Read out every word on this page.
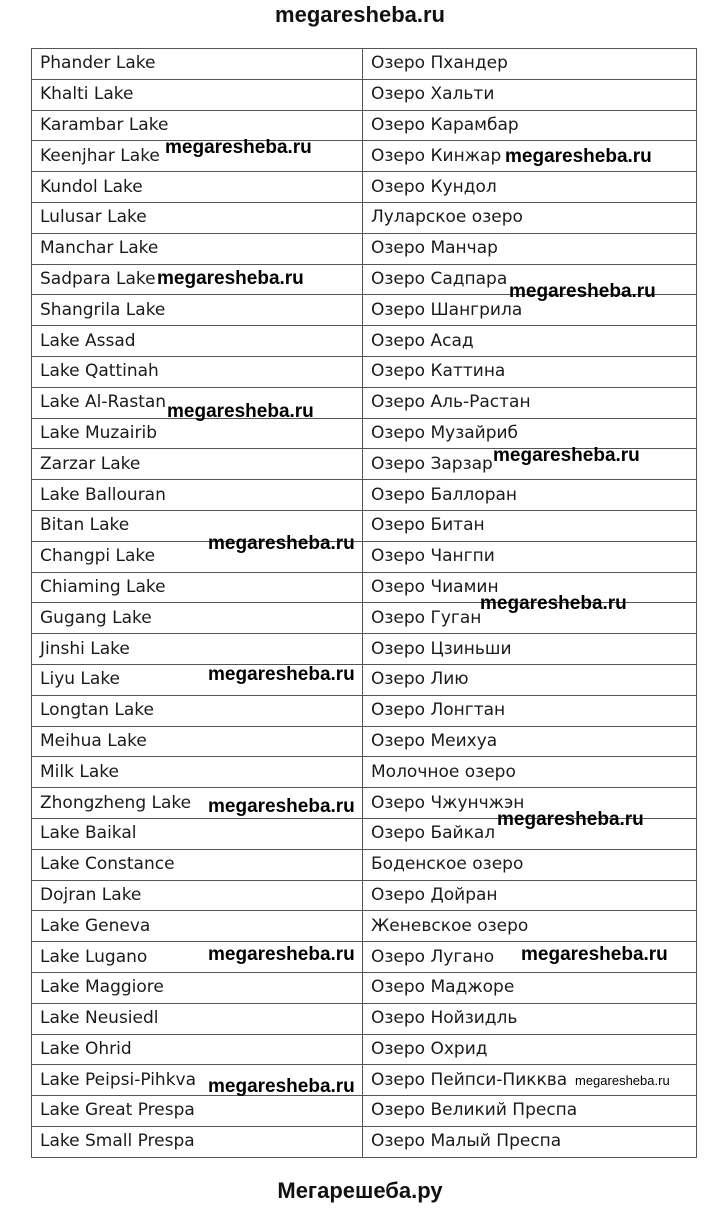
megaresheba.ru
Phander Lake	Озеро Пхандер
Khalti Lake	Озеро Хальти
Karambar Lake	Озеро Карамбар
Keenjhar Lake	Озеро Кинжар
Kundol Lake	Озеро Кундол
Lulusar Lake	Луларское озеро
Manchar Lake	Озеро Манчар
Sadpara Lake	Озеро Садпара
Shangrila Lake	Озеро Шангрила
Lake Assad	Озеро Асад
Lake Qattinah	Озеро Каттина
Lake Al-Rastan	Озеро Аль-Растан
Lake Muzairib	Озеро Музайриб
Zarzar Lake	Озеро Зарзар
Lake Ballouran	Озеро Баллоран
Bitan Lake	Озеро Битан
Changpi Lake	Озеро Чангпи
Chiaming Lake	Озеро Чиамин
Gugang Lake	Озеро Гуган
Jinshi Lake	Озеро Цзиньши
Liyu Lake	Озеро Лию
Longtan Lake	Озеро Лонгтан
Meihua Lake	Озеро Меихуа
Milk Lake	Молочное озеро
Zhongzheng Lake	Озеро Чжунчжэн
Lake Baikal	Озеро Байкал
Lake Constance	Боденское озеро
Dojran Lake	Озеро Дойран
Lake Geneva	Женевское озеро
Lake Lugano	Озеро Лугано
Lake Maggiore	Озеро Маджоре
Lake Neusiedl	Озеро Нойзидль
Lake Ohrid	Озеро Охрид
Lake Peipsi-Pihkva	Озеро Пейпси-Пикква
Lake Great Prespa	Озеро Великий Преспа
Lake Small Prespa	Озеро Малый Преспа
megaresheba.ru	megaresheba.ru
megaresheba.ru
megaresheba.ru
megaresheba.ru
megaresheba.ru
megaresheba.ru
megaresheba.ru
megaresheba.ru
megaresheba.ru
megaresheba.ru
megaresheba.ru	megaresheba.ru
megaresheba.ru	megaresheba.ru
Мегарешеба.ру
